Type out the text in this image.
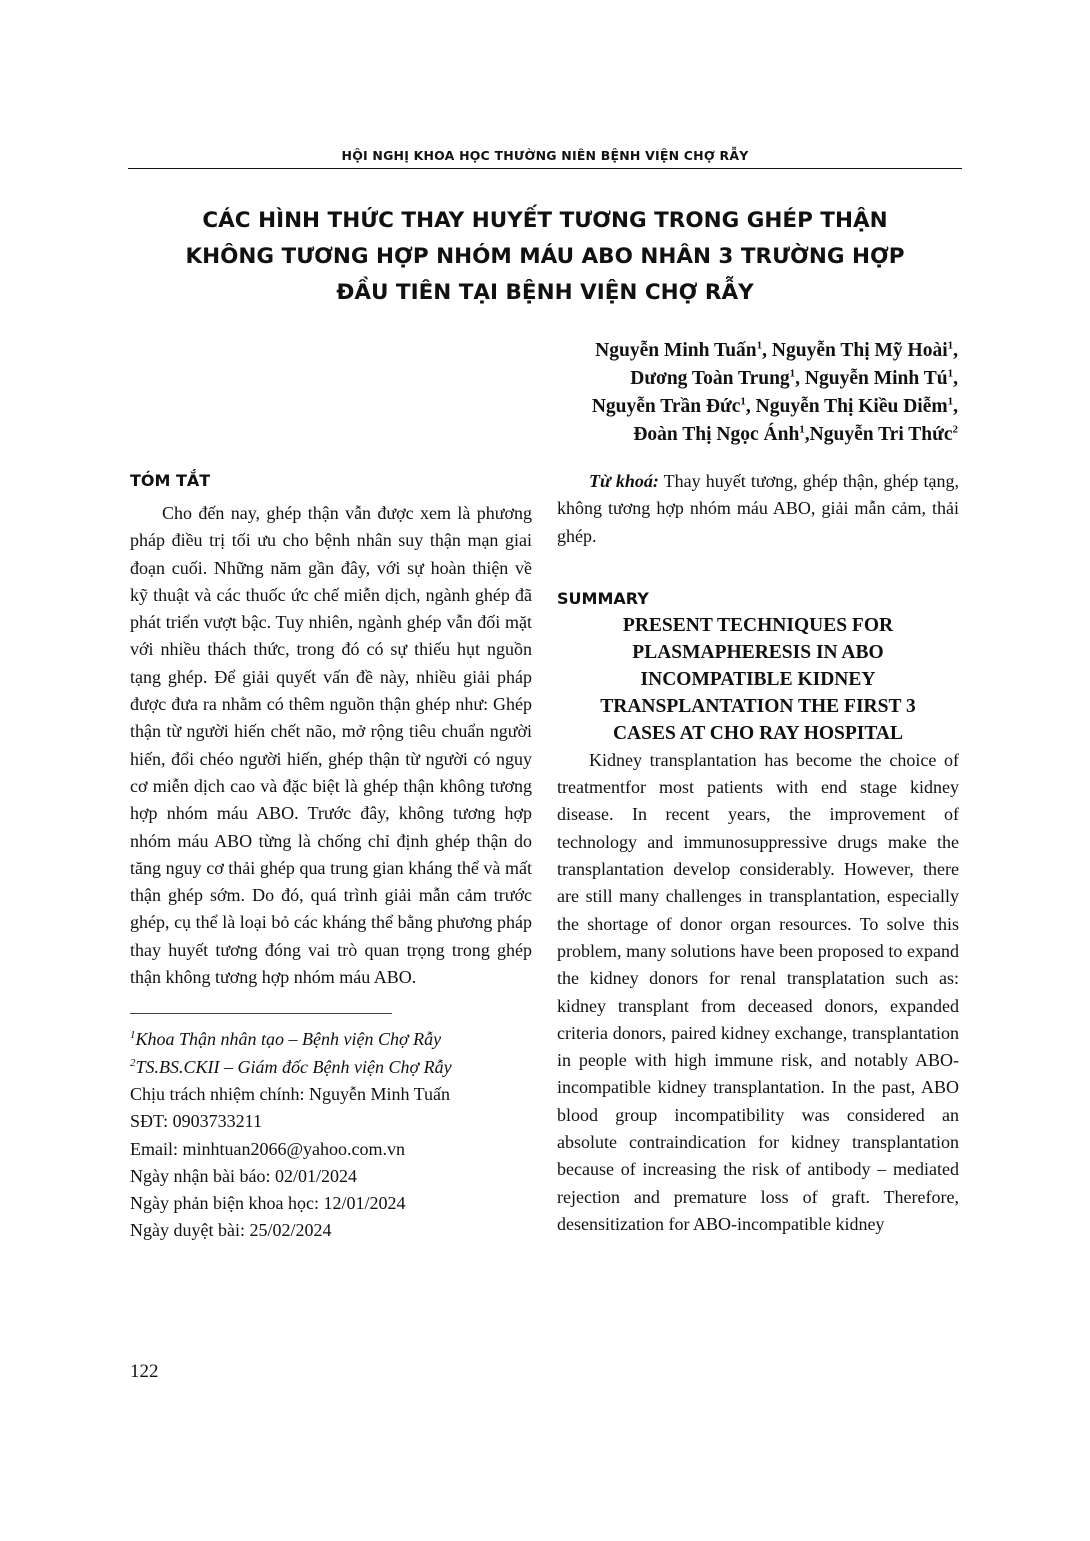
HỘI NGHỊ KHOA HỌC THƯỜNG NIÊN BỆNH VIỆN CHỢ RẪY
CÁC HÌNH THỨC THAY HUYẾT TƯƠNG TRONG GHÉP THẬN
KHÔNG TƯƠNG HỢP NHÓM MÁU ABO NHÂN 3 TRƯỜNG HỢP
ĐẦU TIÊN TẠI BỆNH VIỆN CHỢ RẪY
Nguyễn Minh Tuấn$^1$, Nguyễn Thị Mỹ Hoài$^1$,
Dương Toàn Trung$^1$, Nguyễn Minh $Tú^1$,
Nguyễn Trần Đức$^1$, Nguyễn Thị Kiều Diễm$^1$,
Đoàn Thị Ngọc Ánh$^1$,Nguyễn Tri Thức$^2$
TÓM TẮT
Cho đến nay, ghép thận vẫn được xem là phương pháp điều trị tối ưu cho bệnh nhân suy thận mạn giai đoạn cuối. Những năm gần đây, với sự hoàn thiện về kỹ thuật và các thuốc ức chế miễn dịch, ngành ghép đã phát triển vượt bậc. Tuy nhiên, ngành ghép vẫn đối mặt với nhiều thách thức, trong đó có sự thiếu hụt nguồn tạng ghép. Để giải quyết vấn đề này, nhiều giải pháp được đưa ra nhằm có thêm nguồn thận ghép như: Ghép thận từ người hiến chết não, mở rộng tiêu chuẩn người hiến, đổi chéo người hiến, ghép thận từ người có nguy cơ miễn dịch cao và đặc biệt là ghép thận không tương hợp nhóm máu ABO. Trước đây, không tương hợp nhóm máu ABO từng là chống chỉ định ghép thận do tăng nguy cơ thải ghép qua trung gian kháng thể và mất thận ghép sớm. Do đó, quá trình giải mẫn cảm trước ghép, cụ thể là loại bỏ các kháng thể bằng phương pháp thay huyết tương đóng vai trò quan trọng trong ghép thận không tương hợp nhóm máu ABO.
$^1$Khoa Thận nhân tạo – Bệnh viện Chợ Rẫy
$^2$TS.BS.CKII – Giám đốc Bệnh viện Chợ Rẫy
Chịu trách nhiệm chính: Nguyễn Minh Tuấn
SĐT: 0903733211
Email: minhtuan2066@yahoo.com.vn
Ngày nhận bài báo: 02/01/2024
Ngày phản biện khoa học: 12/01/2024
Ngày duyệt bài: 25/02/2024
Từ khoá: Thay huyết tương, ghép thận, ghép tạng, không tương hợp nhóm máu ABO, giải mẫn cảm, thải ghép.
SUMMARY
PRESENT TECHNIQUES FOR
PLASMAPHERESIS IN ABO
INCOMPATIBLE KIDNEY
TRANSPLANTATION THE FIRST 3
CASES AT CHO RAY HOSPITAL
Kidney transplantation has become the choice of treatmentfor most patients with end stage kidney disease. In recent years, the improvement of technology and immunosuppressive drugs make the transplantation develop considerably. However, there are still many challenges in transplantation, especially the shortage of donor organ resources. To solve this problem, many solutions have been proposed to expand the kidney donors for renal transplatation such as: kidney transplant from deceased donors, expanded criteria donors, paired kidney exchange, transplantation in people with high immune risk, and notably ABO- incompatible kidney transplantation. In the past, ABO blood group incompatibility was considered an absolute contraindication for kidney transplantation because of increasing the risk of antibody – mediated rejection and premature loss of graft. Therefore, desensitization for ABO-incompatible kidney
122
